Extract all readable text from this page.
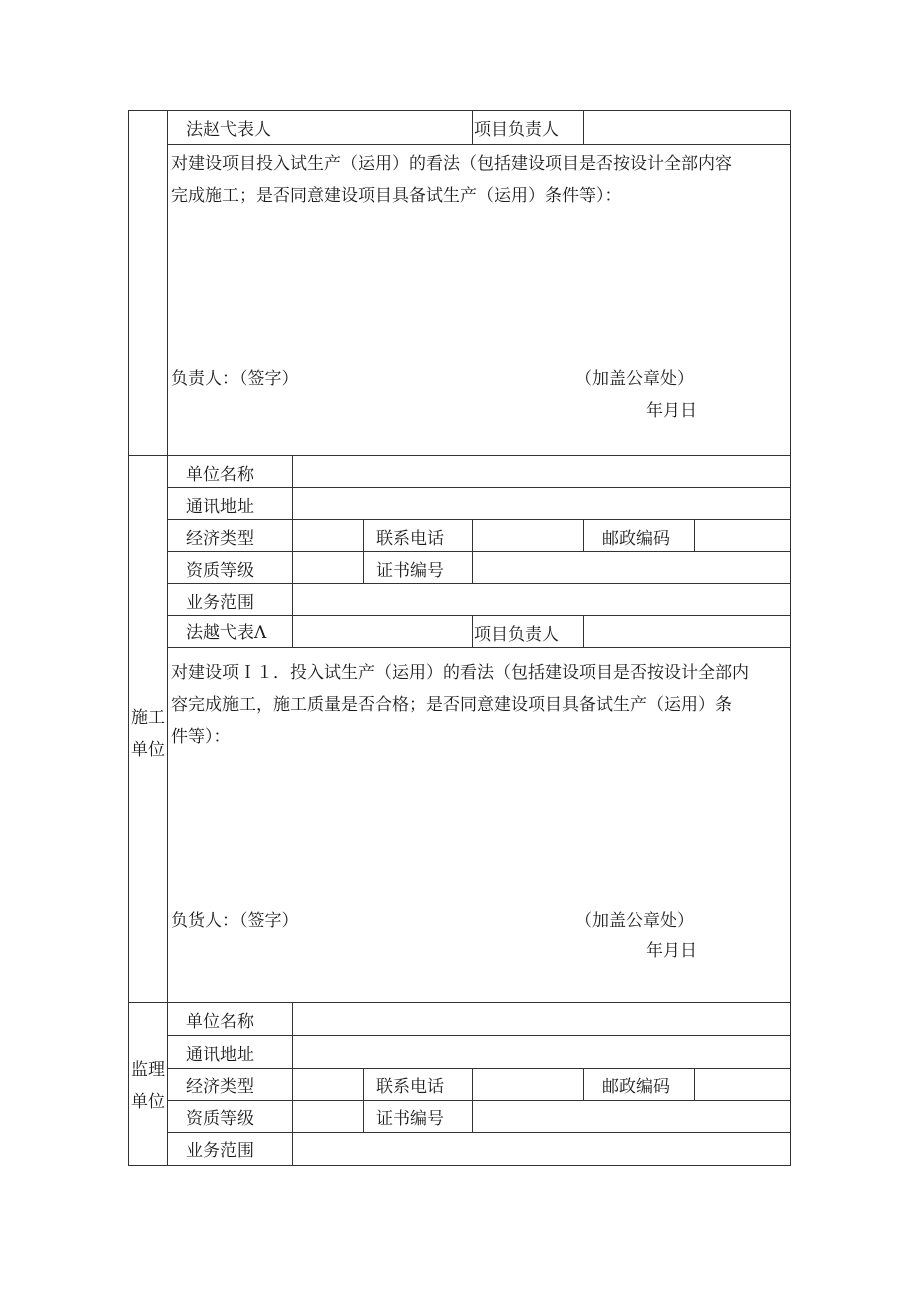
法赵弋表人	项目负责人
对建设项目投入试生产（运用）的看法（包括建设项目是否按设计全部内容
完成施工；是否同意建设项目具备试生产（运用）条件等）：
负责人：（签字）	（加盖公章处）
年月日
施工
单位
单位名称
通讯地址
经济类型	联系电话	邮政编码
资质等级	证书编号
业务范围
法越弋表Λ	项目负责人
对建设项Ｉ１．投入试生产（运用）的看法（包括建设项目是否按设计全部内
容完成施工，施工质量是否合格；是否同意建设项目具备试生产（运用）条
件等）：
负货人：（签字）	（加盖公章处）
年月日
监理
单位
单位名称
通讯地址
经济类型	联系电话	邮政编码
资质等级	证书编号
业务范围
